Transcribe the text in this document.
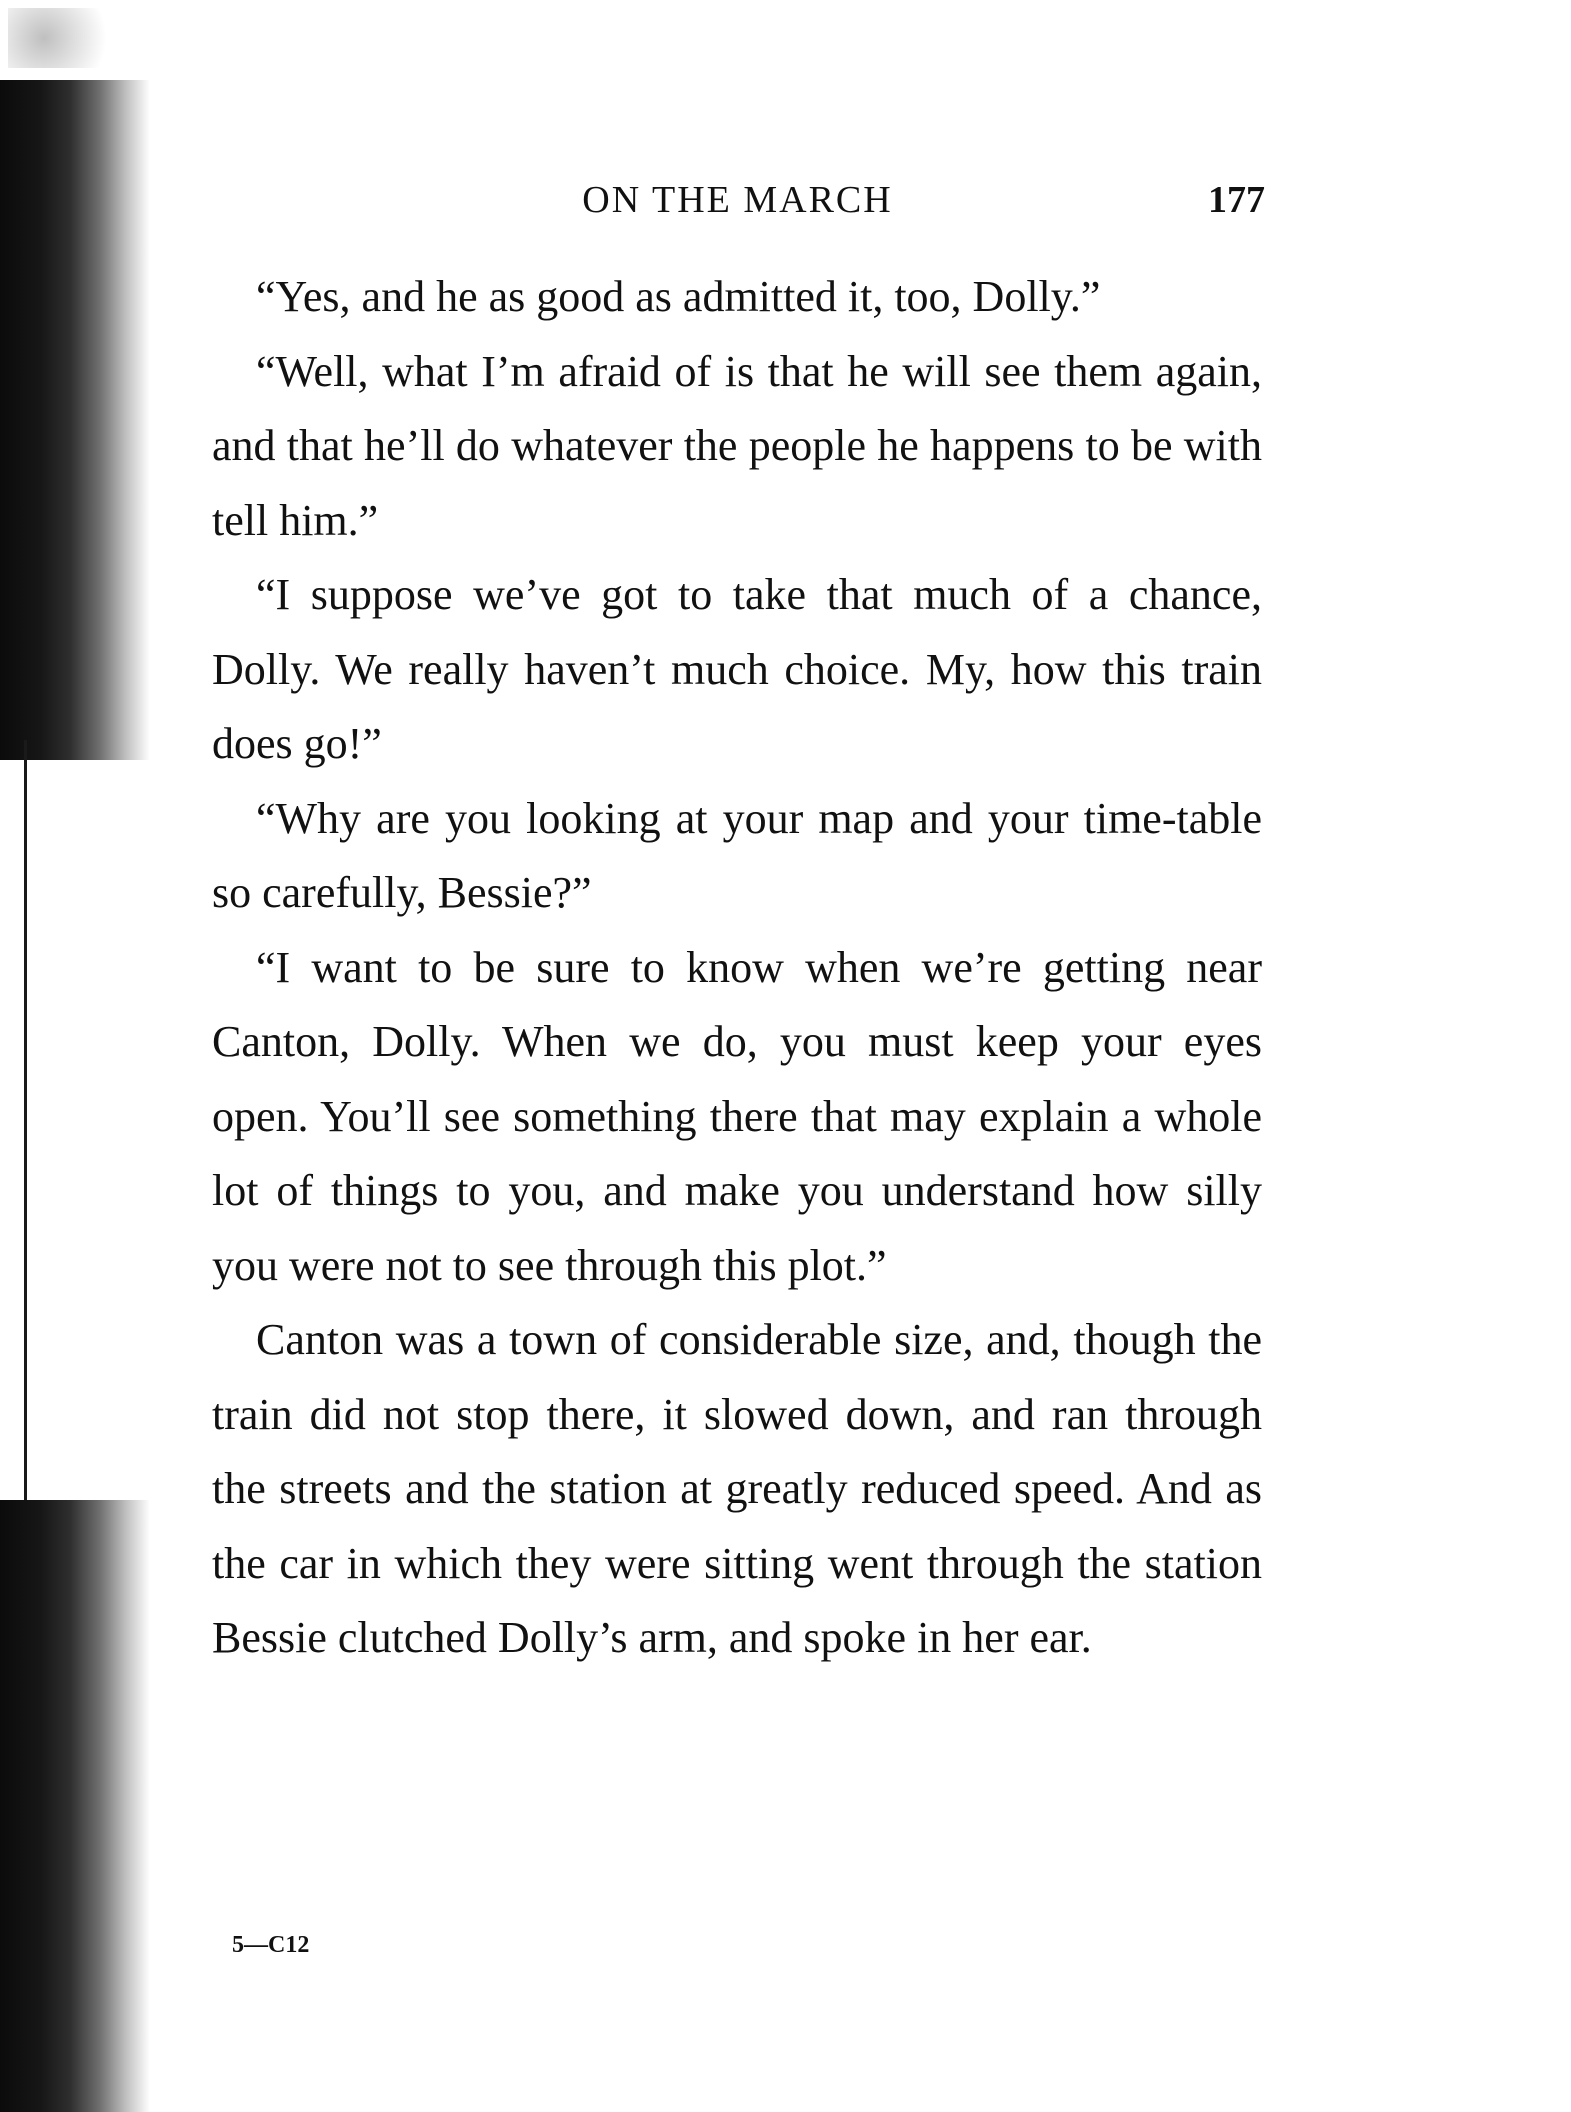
ON THE MARCH	177

“Yes, and he as good as admitted it, too, Dolly.”

“Well, what I’m afraid of is that he will see them again, and that he’ll do whatever the people he happens to be with tell him.”

“I suppose we’ve got to take that much of a chance, Dolly. We really haven’t much choice. My, how this train does go!”

“Why are you looking at your map and your time-table so carefully, Bessie?”

“I want to be sure to know when we’re getting near Canton, Dolly. When we do, you must keep your eyes open. You’ll see something there that may explain a whole lot of things to you, and make you understand how silly you were not to see through this plot.”

Canton was a town of considerable size, and, though the train did not stop there, it slowed down, and ran through the streets and the station at greatly reduced speed. And as the car in which they were sitting went through the station Bessie clutched Dolly’s arm, and spoke in her ear.

5—C12
